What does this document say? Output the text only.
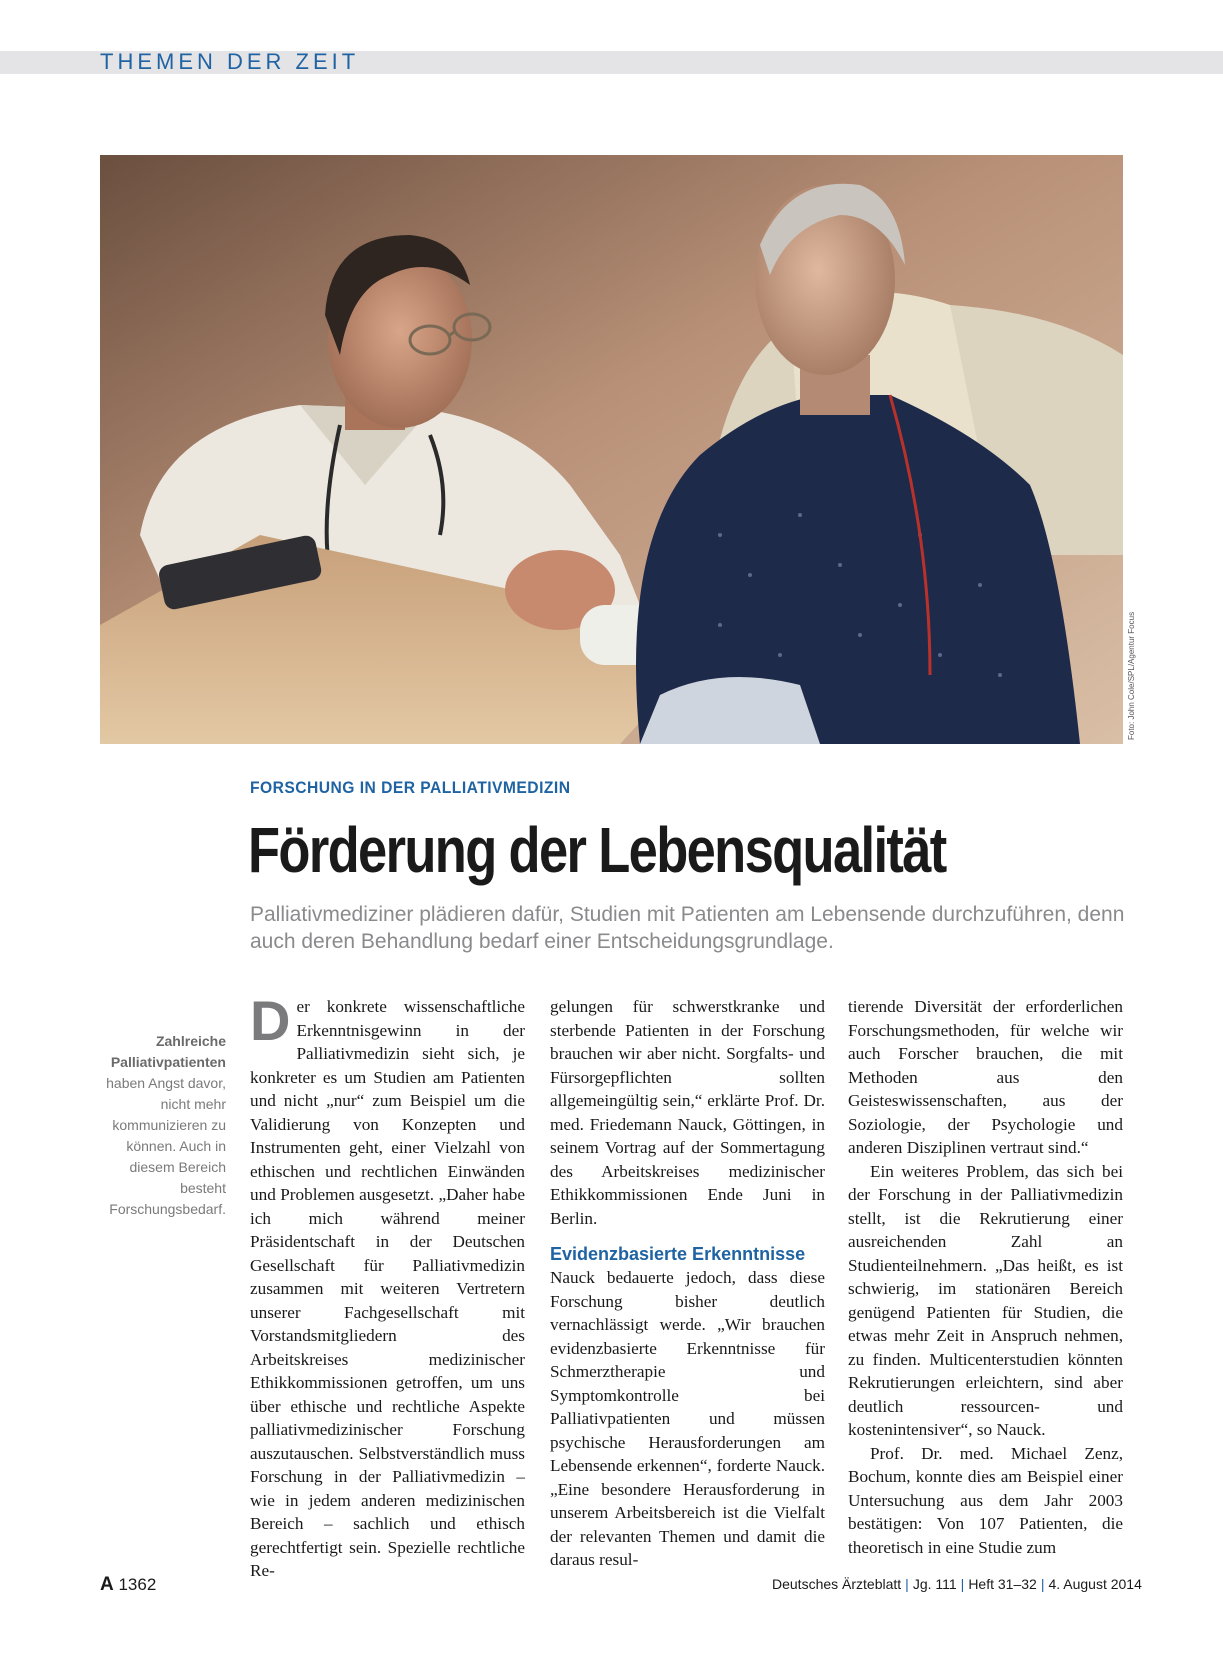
THEMEN DER ZEIT
Foto: John Cole/SPL/Agentur Focus
FORSCHUNG IN DER PALLIATIVMEDIZIN
Förderung der Lebensqualität
Palliativmediziner plädieren dafür, Studien mit Patienten am Lebensende durchzuführen, denn auch deren Behandlung bedarf einer Entscheidungsgrundlage.
Zahlreiche Palliativpatienten haben Angst davor, nicht mehr kommunizieren zu können. Auch in diesem Bereich besteht Forschungsbedarf.
D er konkrete wissenschaftliche Erkenntnisgewinn in der Palliativmedizin sieht sich, je konkreter es um Studien am Patienten und nicht „nur“ zum Beispiel um die Validierung von Konzepten und Instrumenten geht, einer Vielzahl von ethischen und rechtlichen Einwänden und Problemen ausgesetzt. „Daher habe ich mich während meiner Präsidentschaft in der Deutschen Gesellschaft für Palliativmedizin zusammen mit weiteren Vertretern unserer Fachgesellschaft mit Vorstandsmitgliedern des Arbeitskreises medizinischer Ethikkommissionen getroffen, um uns über ethische und rechtliche Aspekte palliativmedizinischer Forschung auszutauschen. Selbstverständlich muss Forschung in der Palliativmedizin – wie in jedem anderen medizinischen Bereich – sachlich und ethisch gerechtfertigt sein. Spezielle rechtliche Re-

gelungen für schwerstkranke und sterbende Patienten in der Forschung brauchen wir aber nicht. Sorgfalts- und Fürsorgepflichten sollten allgemeingültig sein,“ erklärte Prof. Dr. med. Friedemann Nauck, Göttingen, in seinem Vortrag auf der Sommertagung des Arbeitskreises medizinischer Ethikkommissionen Ende Juni in Berlin.

Evidenzbasierte Erkenntnisse

Nauck bedauerte jedoch, dass diese Forschung bisher deutlich vernachlässigt werde. „Wir brauchen evidenzbasierte Erkenntnisse für Schmerztherapie und Symptomkontrolle bei Palliativpatienten und müssen psychische Herausforderungen am Lebensende erkennen“, forderte Nauck. „Eine besondere Herausforderung in unserem Arbeitsbereich ist die Vielfalt der relevanten Themen und damit die daraus resul-

tierende Diversität der erforderlichen Forschungsmethoden, für welche wir auch Forscher brauchen, die mit Methoden aus den Geisteswissenschaften, aus der Soziologie, der Psychologie und anderen Disziplinen vertraut sind.“

Ein weiteres Problem, das sich bei der Forschung in der Palliativmedizin stellt, ist die Rekrutierung einer ausreichenden Zahl an Studienteilnehmern. „Das heißt, es ist schwierig, im stationären Bereich genügend Patienten für Studien, die etwas mehr Zeit in Anspruch nehmen, zu finden. Multicenterstudien könnten Rekrutierungen erleichtern, sind aber deutlich ressourcen- und kostenintensiver“, so Nauck.

Prof. Dr. med. Michael Zenz, Bochum, konnte dies am Beispiel einer Untersuchung aus dem Jahr 2003 bestätigen: Von 107 Patienten, die theoretisch in eine Studie zum

A 1362	Deutsches Ärzteblatt | Jg. 111 | Heft 31–32 | 4. August 2014
